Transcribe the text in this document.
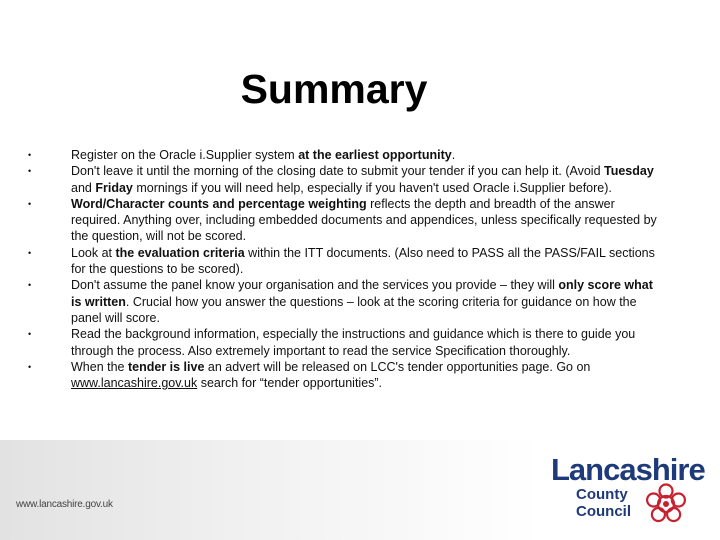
Summary
• Register on the Oracle i.Supplier system at the earliest opportunity.
• Don't leave it until the morning of the closing date to submit your tender if you can help it. (Avoid Tuesday and Friday mornings if you will need help, especially if you haven't used Oracle i.Supplier before).
• Word/Character counts and percentage weighting reflects the depth and breadth of the answer required. Anything over, including embedded documents and appendices, unless specifically requested by the question, will not be scored.
• Look at the evaluation criteria within the ITT documents. (Also need to PASS all the PASS/FAIL sections for the questions to be scored).
• Don't assume the panel know your organisation and the services you provide – they will only score what is written. Crucial how you answer the questions – look at the scoring criteria for guidance on how the panel will score.
• Read the background information, especially the instructions and guidance which is there to guide you through the process. Also extremely important to read the service Specification thoroughly.
• When the tender is live an advert will be released on LCC's tender opportunities page. Go on www.lancashire.gov.uk search for “tender opportunities”.
www.lancashire.gov.uk
Lancashire
County
Council
